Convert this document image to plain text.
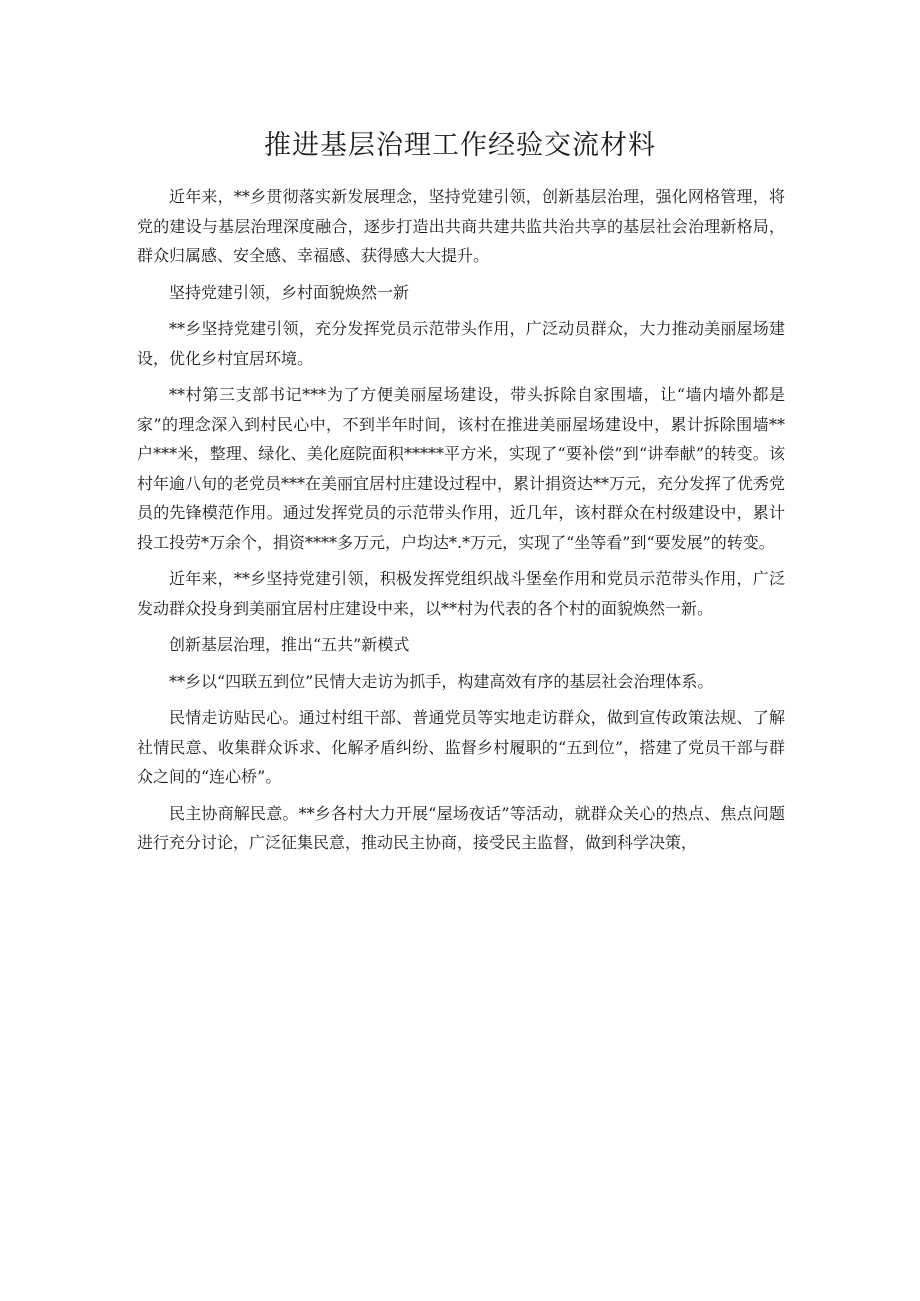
推进基层治理工作经验交流材料

近年来，**乡贯彻落实新发展理念，坚持党建引领，创新基层治理，强化网格管理，将党的建设与基层治理深度融合，逐步打造出共商共建共监共治共享的基层社会治理新格局，群众归属感、安全感、幸福感、获得感大大提升。

坚持党建引领，乡村面貌焕然一新

**乡坚持党建引领，充分发挥党员示范带头作用，广泛动员群众，大力推动美丽屋场建设，优化乡村宜居环境。

**村第三支部书记***为了方便美丽屋场建设，带头拆除自家围墙，让“墙内墙外都是家”的理念深入到村民心中，不到半年时间，该村在推进美丽屋场建设中，累计拆除围墙**户***米，整理、绿化、美化庭院面积*****平方米，实现了“要补偿”到“讲奉献”的转变。该村年逾八旬的老党员***在美丽宜居村庄建设过程中，累计捐资达**万元，充分发挥了优秀党员的先锋模范作用。通过发挥党员的示范带头作用，近几年，该村群众在村级建设中，累计投工投劳*万余个，捐资****多万元，户均达*.*万元，实现了“坐等看”到“要发展”的转变。

近年来，**乡坚持党建引领，积极发挥党组织战斗堡垒作用和党员示范带头作用，广泛发动群众投身到美丽宜居村庄建设中来，以**村为代表的各个村的面貌焕然一新。

创新基层治理，推出“五共”新模式

**乡以“四联五到位”民情大走访为抓手，构建高效有序的基层社会治理体系。

民情走访贴民心。通过村组干部、普通党员等实地走访群众，做到宣传政策法规、了解社情民意、收集群众诉求、化解矛盾纠纷、监督乡村履职的“五到位”，搭建了党员干部与群众之间的“连心桥”。

民主协商解民意。**乡各村大力开展“屋场夜话”等活动，就群众关心的热点、焦点问题进行充分讨论，广泛征集民意，推动民主协商，接受民主监督，做到科学决策，
